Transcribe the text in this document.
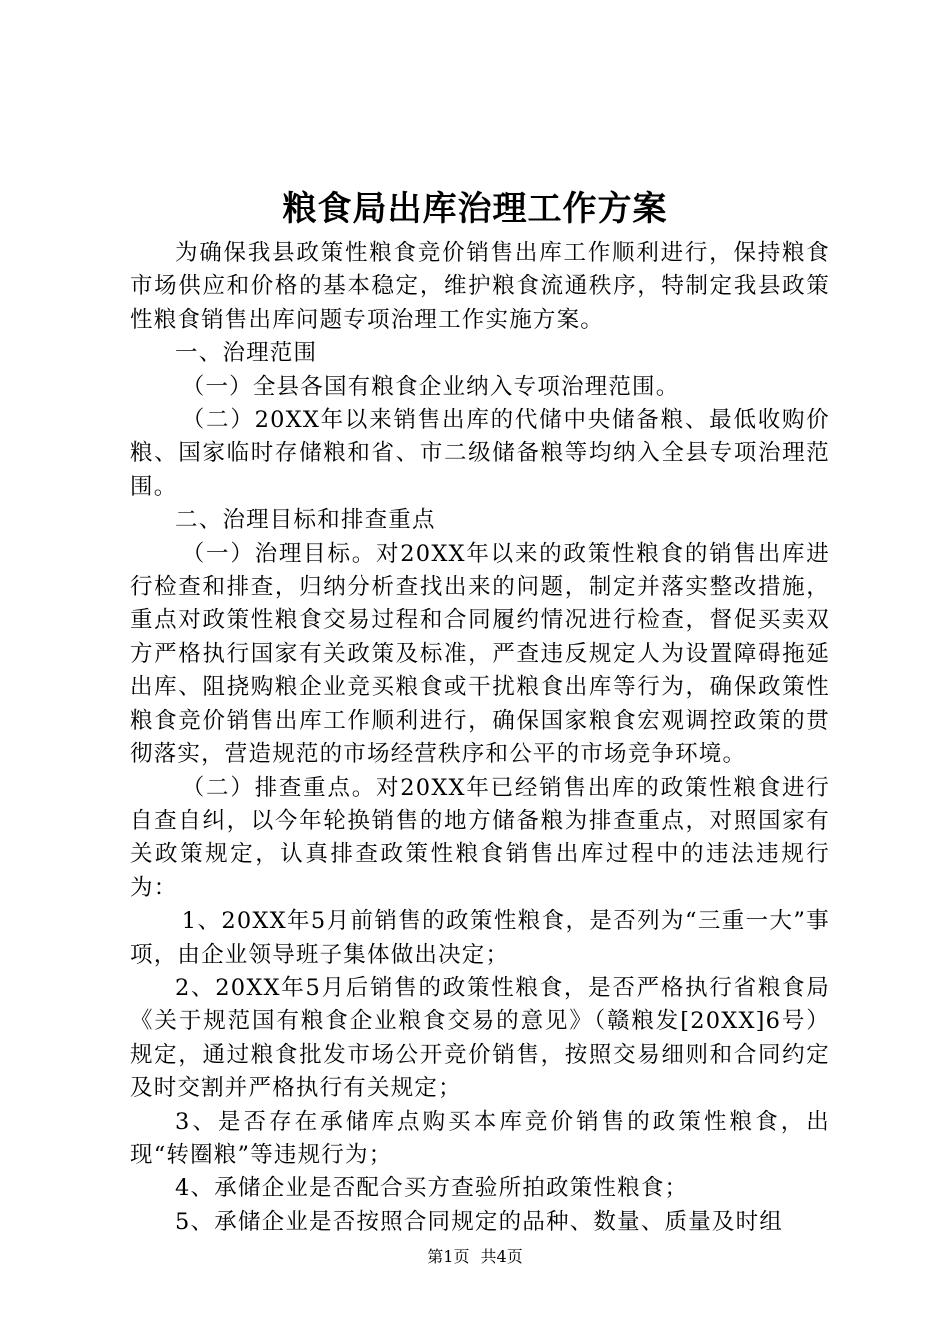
粮食局出库治理工作方案

为确保我县政策性粮食竞价销售出库工作顺利进行，保持粮食市场供应和价格的基本稳定，维护粮食流通秩序，特制定我县政策性粮食销售出库问题专项治理工作实施方案。

一、治理范围

（一）全县各国有粮食企业纳入专项治理范围。

（二）20XX年以来销售出库的代储中央储备粮、最低收购价粮、国家临时存储粮和省、市二级储备粮等均纳入全县专项治理范围。

二、治理目标和排查重点

（一）治理目标。对20XX年以来的政策性粮食的销售出库进行检查和排查，归纳分析查找出来的问题，制定并落实整改措施，重点对政策性粮食交易过程和合同履约情况进行检查，督促买卖双方严格执行国家有关政策及标准，严查违反规定人为设置障碍拖延出库、阻挠购粮企业竞买粮食或干扰粮食出库等行为，确保政策性粮食竞价销售出库工作顺利进行，确保国家粮食宏观调控政策的贯彻落实，营造规范的市场经营秩序和公平的市场竞争环境。

（二）排查重点。对20XX年已经销售出库的政策性粮食进行自查自纠，以今年轮换销售的地方储备粮为排查重点，对照国家有关政策规定，认真排查政策性粮食销售出库过程中的违法违规行为：

1、20XX年5月前销售的政策性粮食，是否列为“三重一大”事项，由企业领导班子集体做出决定；

2、20XX年5月后销售的政策性粮食，是否严格执行省粮食局《关于规范国有粮食企业粮食交易的意见》（赣粮发[20XX]6号）规定，通过粮食批发市场公开竞价销售，按照交易细则和合同约定及时交割并严格执行有关规定；

3、是否存在承储库点购买本库竞价销售的政策性粮食，出现“转圈粮”等违规行为；

4、承储企业是否配合买方查验所拍政策性粮食；

5、承储企业是否按照合同规定的品种、数量、质量及时组

第1页 共4页
